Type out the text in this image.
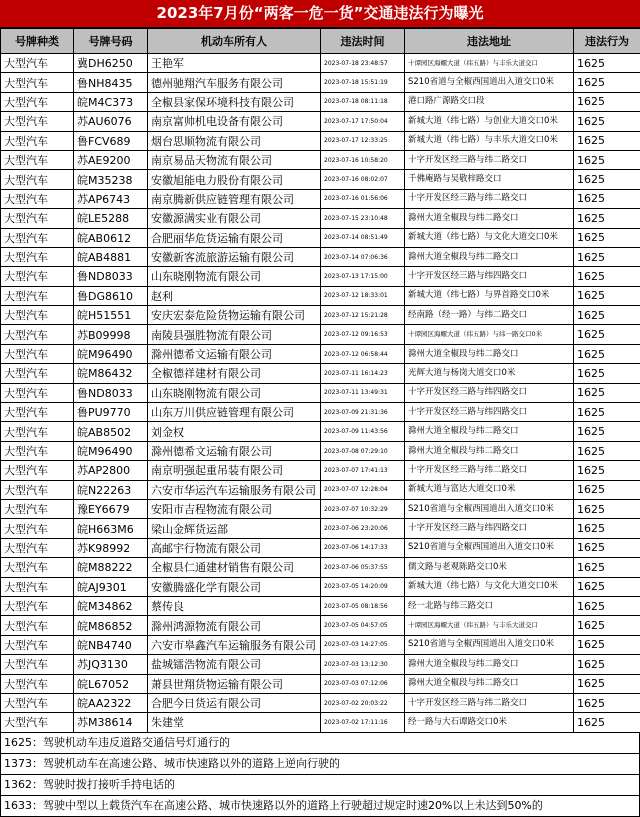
2023年7月份“两客一危一货”交通违法行为曝光
号牌种类	号牌号码	机动车所有人	违法时间	违法地址	违法行为
大型汽车	冀DH6250	王艳军	2023-07-18 23:48:57	十谭园区海螺大道（纬五路）与丰乐大道交口	1625
大型汽车	鲁NH8435	德州驰翔汽车服务有限公司	2023-07-18 15:51:19	S210省道与全椒西国道出入道交口0米	1625
大型汽车	皖M4C373	全椒县家保环境科技有限公司	2023-07-18 08:11:18	港口路广源路交口段	1625
大型汽车	苏AU6076	南京富帅机电设备有限公司	2023-07-17 17:50:04	新城大道（纬七路）与创业大道交口0米	1625
大型汽车	鲁FCV689	烟台思顺物流有限公司	2023-07-17 12:33:25	新城大道（纬七路）与丰乐大道交口0米	1625
大型汽车	苏AE9200	南京易品天物流有限公司	2023-07-16 10:58:20	十字开发区经三路与纬二路交口	1625
大型汽车	皖M35238	安徽旭能电力股份有限公司	2023-07-16 08:02:07	千佛庵路与吴敬梓路交口	1625
大型汽车	苏AP6743	南京腾新供应链管理有限公司	2023-07-16 01:56:06	十字开发区经三路与纬二路交口	1625
大型汽车	皖LE5288	安徽源满实业有限公司	2023-07-15 23:10:48	滁州大道全椒段与纬二路交口	1625
大型汽车	皖AB0612	合肥丽华危货运输有限公司	2023-07-14 08:51:49	新城大道（纬七路）与文化大道交口0米	1625
大型汽车	皖AB4881	安徽新客流旅游运输有限公司	2023-07-14 07:06:36	滁州大道全椒段与纬二路交口	1625
大型汽车	鲁ND8033	山东晓刚物流有限公司	2023-07-13 17:15:00	十字开发区经三路与纬四路交口	1625
大型汽车	鲁DG8610	赵利	2023-07-12 18:33:01	新城大道（纬七路）与界首路交口0米	1625
大型汽车	皖H51551	安庆宏泰危险货物运输有限公司	2023-07-12 15:21:28	经南路（经一路）与纬二路交口	1625
大型汽车	苏B09998	南陵县强胜物流有限公司	2023-07-12 09:16:53	十谭园区海螺大道（纬五路）与纬一路交口0米	1625
大型汽车	皖M96490	滁州德希文运输有限公司	2023-07-12 06:58:44	滁州大道全椒段与纬二路交口	1625
大型汽车	皖M86432	全椒德祥建材有限公司	2023-07-11 16:14:23	光辉大道与杨岗大道交口0米	1625
大型汽车	鲁ND8033	山东晓刚物流有限公司	2023-07-11 13:49:31	十字开发区经三路与纬四路交口	1625
大型汽车	鲁PU9770	山东万川供应链管理有限公司	2023-07-09 21:31:36	十字开发区经三路与纬四路交口	1625
大型汽车	皖AB8502	刘金权	2023-07-09 11:43:56	滁州大道全椒段与纬二路交口	1625
大型汽车	皖M96490	滁州德希文运输有限公司	2023-07-08 07:29:10	滁州大道全椒段与纬二路交口	1625
大型汽车	苏AP2800	南京明强起重吊装有限公司	2023-07-07 17:41:13	十字开发区经三路与纬二路交口	1625
大型汽车	皖N22263	六安市华运汽车运输服务有限公司	2023-07-07 12:28:04	新城大道与富达大道交口0米	1625
大型汽车	豫EY6679	安阳市吉程物流有限公司	2023-07-07 10:32:29	S210省道与全椒西国道出入道交口0米	1625
大型汽车	皖H663M6	梁山金辉货运部	2023-07-06 23:20:06	十字开发区经三路与纬四路交口	1625
大型汽车	苏K98992	高邮宇行物流有限公司	2023-07-06 14:17:33	S210省道与全椒西国道出入道交口0米	1625
大型汽车	皖M88222	全椒县仁通建材销售有限公司	2023-07-06 05:37:55	儒文路与老观陈路交口0米	1625
大型汽车	皖AJ9301	安徽腾盛化学有限公司	2023-07-05 14:20:09	新城大道（纬七路）与文化大道交口0米	1625
大型汽车	皖M34862	蔡传良	2023-07-05 08:18:56	经一北路与纬三路交口	1625
大型汽车	皖M86852	滁州鸿源物流有限公司	2023-07-05 04:57:05	十谭园区海螺大道（纬五路）与丰乐大道交口	1625
大型汽车	皖NB4740	六安市皋鑫汽车运输服务有限公司	2023-07-03 14:27:05	S210省道与全椒西国道出入道交口0米	1625
大型汽车	苏JQ3130	盐城镭浩物流有限公司	2023-07-03 13:12:30	滁州大道全椒段与纬二路交口	1625
大型汽车	皖L67052	萧县世翔货物运输有限公司	2023-07-03 07:12:06	滁州大道全椒段与纬二路交口	1625
大型汽车	皖AA2322	合肥今日货运有限公司	2023-07-02 20:03:22	十字开发区经三路与纬二路交口	1625
大型汽车	苏M38614	朱建堂	2023-07-02 17:11:16	经一路与大石谭路交口0米	1625
1625：驾驶机动车违反道路交通信号灯通行的
1373：驾驶机动车在高速公路、城市快速路以外的道路上逆向行驶的
1362：驾驶时拨打接听手持电话的
1633：驾驶中型以上载货汽车在高速公路、城市快速路以外的道路上行驶超过规定时速20%以上未达到50%的
